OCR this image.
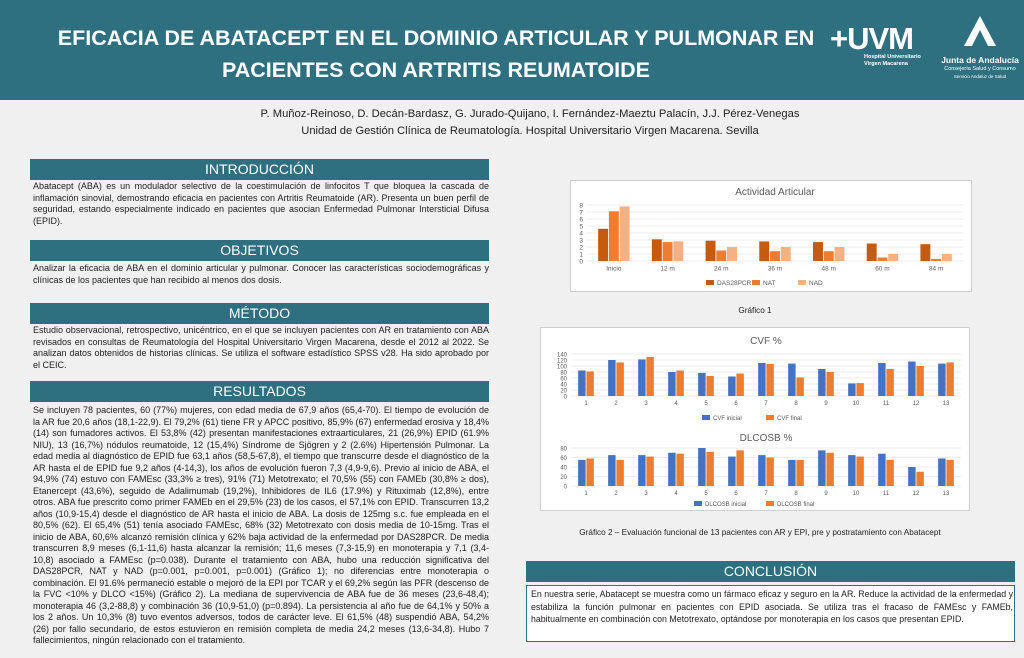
EFICACIA DE ABATACEPT EN EL DOMINIO ARTICULAR Y PULMONAR EN PACIENTES CON ARTRITIS REUMATOIDE
+UVM
Hospital Universitario
Virgen Macarena	Junta de Andalucía
Consejería Salud y Consumo
Servicio Andaluz de Salud
P. Muñoz-Reinoso, D. Decán-Bardasz, G. Jurado-Quijano, I. Fernández-Maeztu Palacín, J.J. Pérez-Venegas
Unidad de Gestión Clínica de Reumatología. Hospital Universitario Virgen Macarena. Sevilla
INTRODUCCIÓN
Abatacept (ABA) es un modulador selectivo de la coestimulación de linfocitos T que bloquea la cascada de inflamación sinovial, demostrando eficacia en pacientes con Artritis Reumatoide (AR). Presenta un buen perfil de seguridad, estando especialmente indicado en pacientes que asocian Enfermedad Pulmonar Intersticial Difusa (EPID).
OBJETIVOS
Analizar la eficacia de ABA en el dominio articular y pulmonar. Conocer las características sociodemográficas y clínicas de los pacientes que han recibido al menos dos dosis.
MÉTODO
Estudio observacional, retrospectivo, unicéntrico, en el que se incluyen pacientes con AR en tratamiento con ABA revisados en consultas de Reumatología del Hospital Universitario Virgen Macarena, desde el 2012 al 2022. Se analizan datos obtenidos de historias clínicas. Se utiliza el software estadístico SPSS v28. Ha sido aprobado por el CEIC.
RESULTADOS
Se incluyen 78 pacientes, 60 (77%) mujeres, con edad media de 67,9 años (65,4-70). El tiempo de evolución de la AR fue 20,6 años (18,1-22,9). El 79,2% (61) tiene FR y APCC positivo, 85,9% (67) enfermedad erosiva y 18,4% (14) son fumadores activos. El 53,8% (42) presentan manifestaciones extraarticulares, 21 (26,9%) EPID (61.9% NIU), 13 (16,7%) nódulos reumatoide, 12 (15,4%) Síndrome de Sjögren y 2 (2.6%) Hipertensión Pulmonar. La edad media al diagnóstico de EPID fue 63,1 años (58,5-67,8), el tiempo que transcurre desde el diagnóstico de la AR hasta el de EPID fue 9,2 años (4-14,3), los años de evolución fueron 7,3 (4,9-9,6). Previo al inicio de ABA, el 94,9% (74) estuvo con FAMEsc (33,3% ≥ tres), 91% (71) Metotrexato; el 70,5% (55) con FAMEb (30,8% ≥ dos), Etanercept (43,6%), seguido de Adalimumab (19,2%), Inhibidores de IL6 (17.9%) y Rituximab (12,8%), entre otros. ABA fue prescrito como primer FAMEb en el 29,5% (23) de los casos, el 57,1% con EPID. Transcurren 13,2 años (10,9-15,4) desde el diagnóstico de AR hasta el inicio de ABA. La dosis de 125mg s.c. fue empleada en el 80,5% (62). El 65,4% (51) tenía asociado FAMEsc, 68% (32) Metotrexato con dosis media de 10-15mg. Tras el inicio de ABA, 60,6% alcanzó remisión clínica y 62% baja actividad de la enfermedad por DAS28PCR. De media transcurren 8,9 meses (6,1-11,6) hasta alcanzar la remisión; 11,6 meses (7,3-15,9) en monoterapia y 7,1 (3,4-10,8) asociado a FAMEsc (p=0.038). Durante el tratamiento con ABA, hubo una reducción significativa del DAS28PCR, NAT y NAD (p=0.001, p=0.001, p=0.001) (Gráfico 1); no diferencias entre monoterapia o combinación. El 91.6% permaneció estable o mejoró de la EPI por TCAR y el 69,2% según las PFR (descenso de la FVC <10% y DLCO <15%) (Gráfico 2). La mediana de supervivencia de ABA fue de 36 meses (23,6-48,4); monoterapia 46 (3,2-88,8) y combinación 36 (10,9-51,0) (p=0.894). La persistencia al año fue de 64,1% y 50% a los 2 años. Un 10,3% (8) tuvo eventos adversos, todos de carácter leve. El 61,5% (48) suspendió ABA, 54,2% (26) por fallo secundario, de estos estuvieron en remisión completa de media 24,2 meses (13,6-34,8). Hubo 7 fallecimientos, ningún relacionado con el tratamiento.
Actividad Articular
0
1
2
3
4
5
6
7
8
Inicio	12 m	24 m	36 m	48 m	60 m	84 m
DAS28PCR NAT	NAD
Gráfico 1
CVF %
0
20
40
60
80
100
120
140
1	2	3	4	5	6	7	8	9	10	11	12	13
CVF inicial	CVF final
DLCOSB %
0
20
40
60
80
1	2	3	4	5	6	7	8	9	10	11	12	13
DLCOSB inicial	DLCOSB final
Gráfico 2 – Evaluación funcional de 13 pacientes con AR y EPI, pre y postratamiento con Abatacept
CONCLUSIÓN
En nuestra serie, Abatacept se muestra como un fármaco eficaz y seguro en la AR. Reduce la actividad de la enfermedad y estabiliza la función pulmonar en pacientes con EPID asociada. Se utiliza tras el fracaso de FAMEsc y FAMEb, habitualmente en combinación con Metotrexato, optándose por monoterapia en los casos que presentan EPID.
